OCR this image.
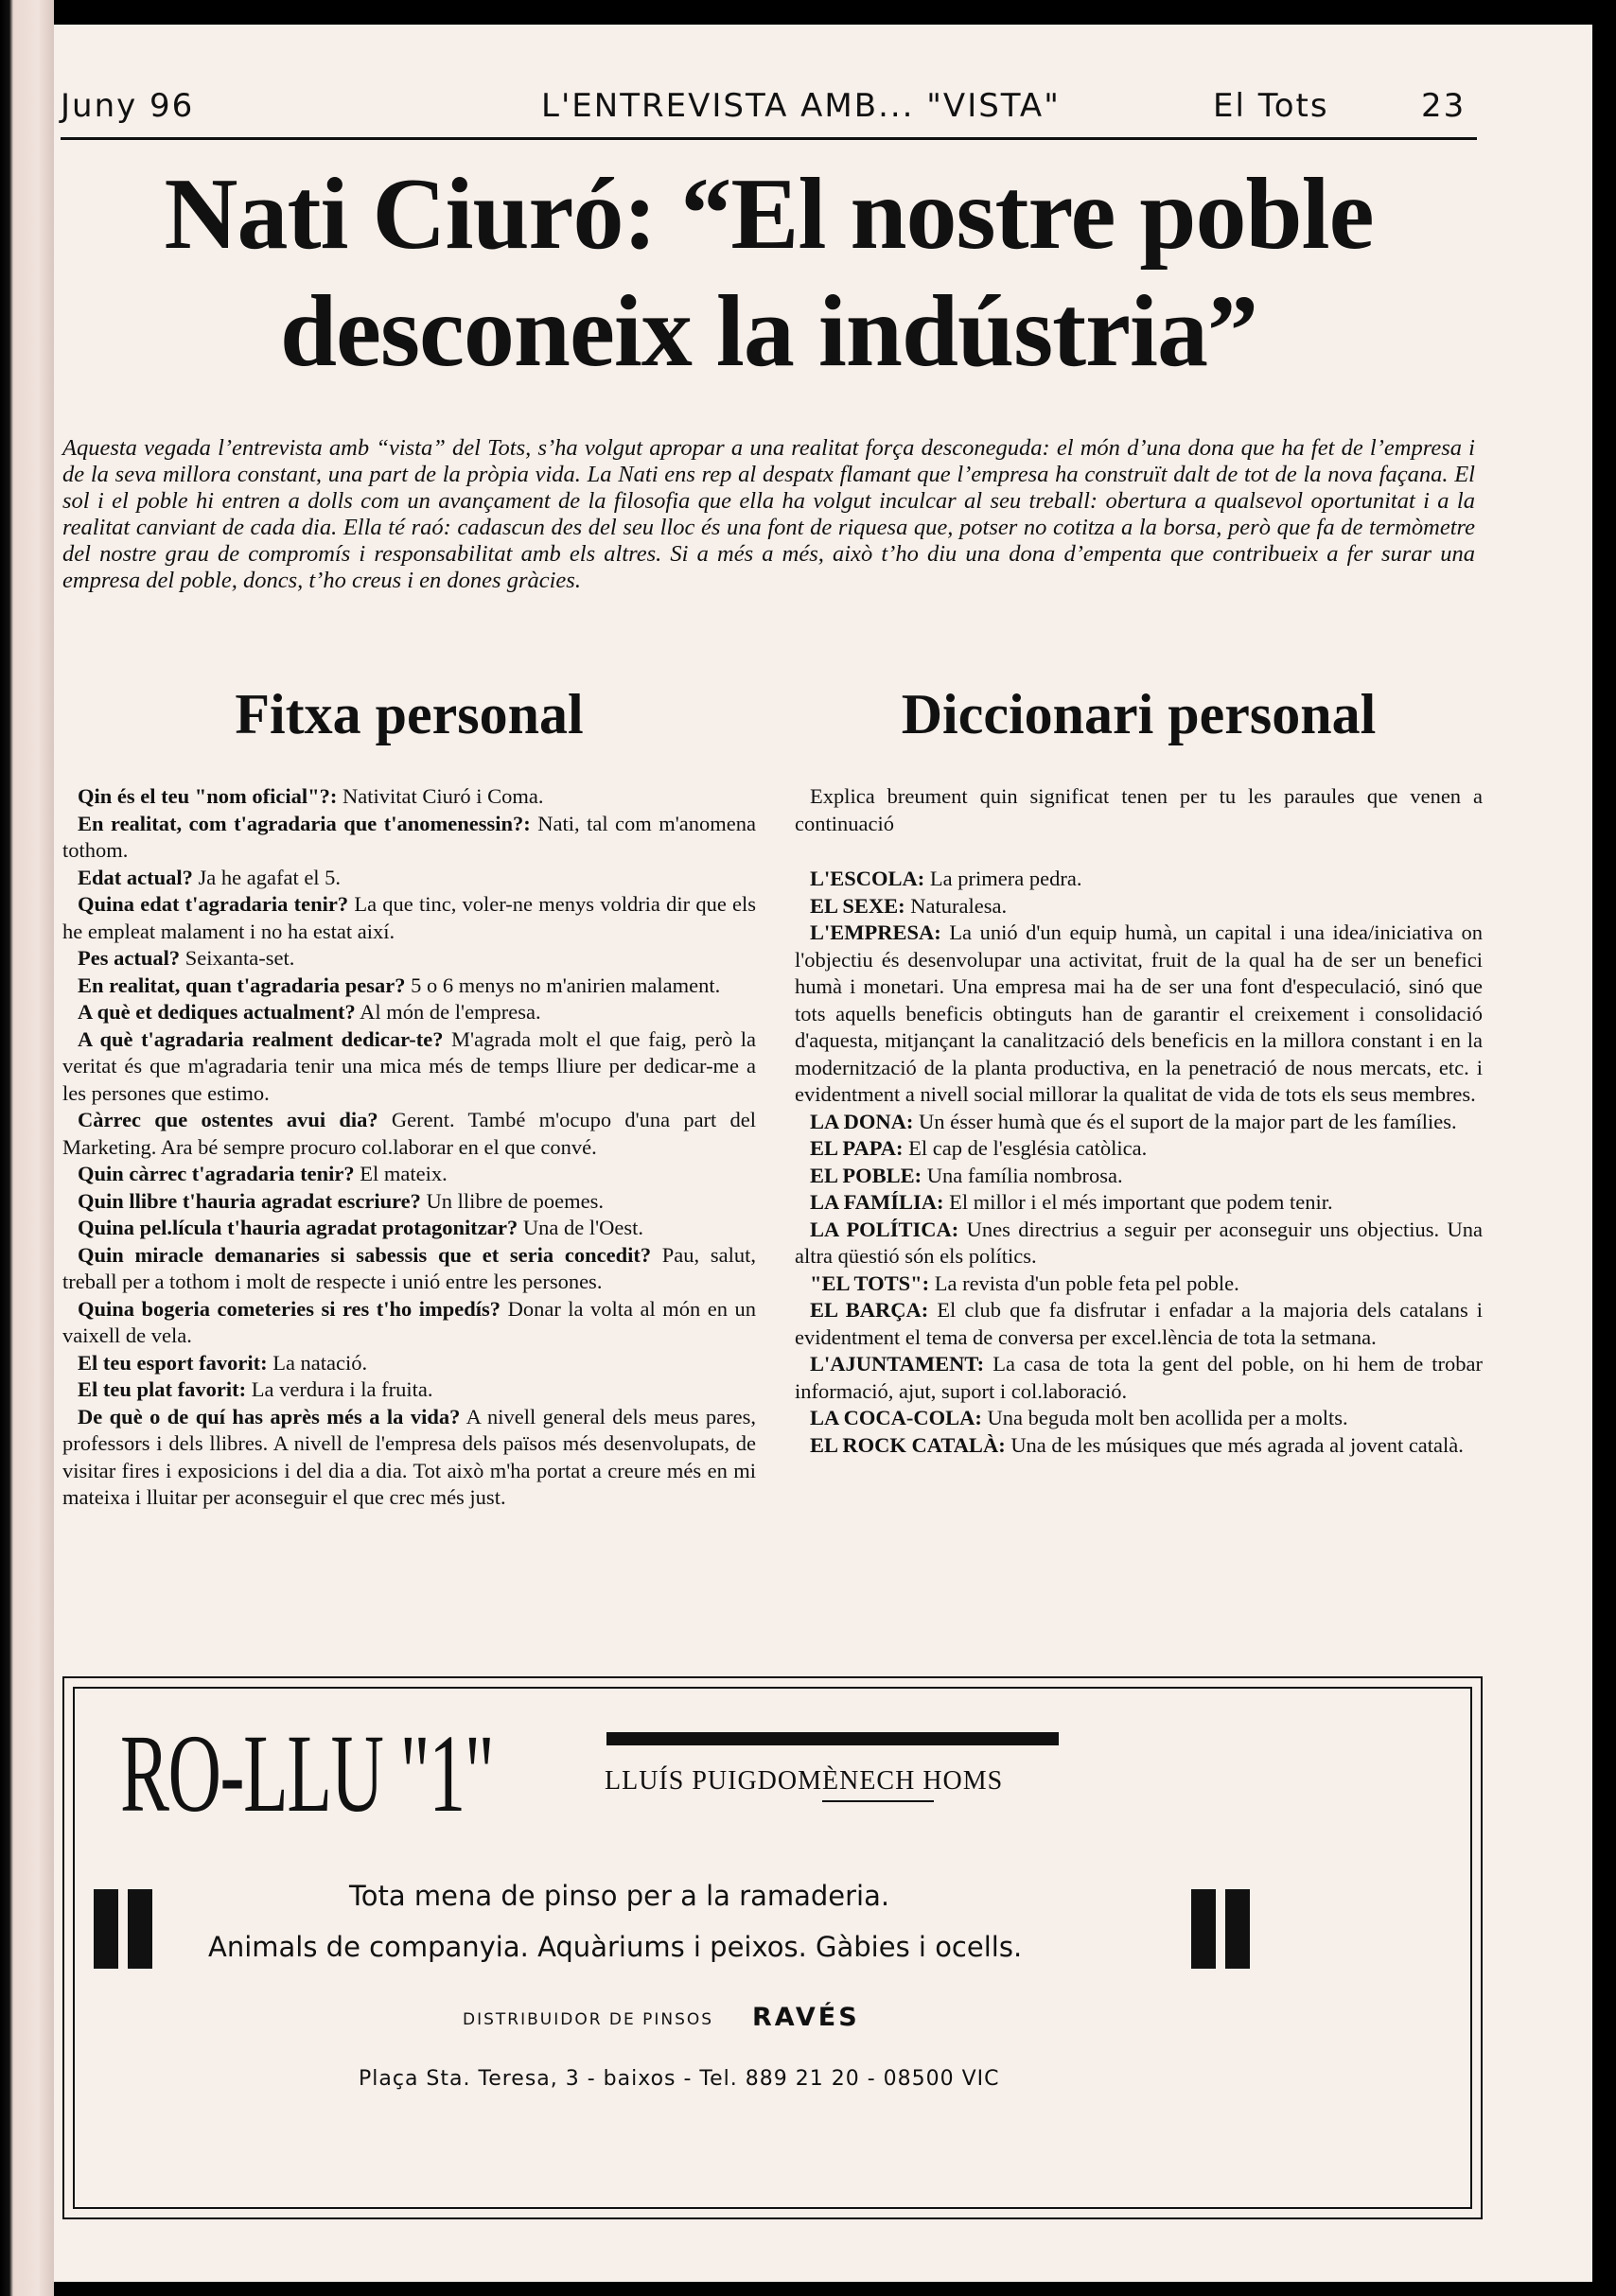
Juny 96	L'ENTREVISTA AMB... "VISTA"	El Tots	23
Nati Ciuró: “El nostre poble
desconeix la indústria”
Aquesta vegada l’entrevista amb “vista” del Tots, s’ha volgut apropar a una realitat força desconeguda: el món d’una dona que ha fet de l’empresa i de la seva millora constant, una part de la pròpia vida. La Nati ens rep al despatx flamant que l’empresa ha construït dalt de tot de la nova façana. El sol i el poble hi entren a dolls com un avançament de la filosofia que ella ha volgut inculcar al seu treball: obertura a qualsevol oportunitat i a la realitat canviant de cada dia. Ella té raó: cadascun des del seu lloc és una font de riquesa que, potser no cotitza a la borsa, però que fa de termòmetre del nostre grau de compromís i responsabilitat amb els altres. Si a més a més, això t’ho diu una dona d’empenta que contribueix a fer surar una empresa del poble, doncs, t’ho creus i en dones gràcies.
Fitxa personal

Qin és el teu "nom oficial"?: Nativitat Ciuró i Coma.

En realitat, com t'agradaria que t'anomenessin?: Nati, tal com m'anomena tothom.

Edat actual? Ja he agafat el 5.

Quina edat t'agradaria tenir? La que tinc, voler-ne menys voldria dir que els he empleat malament i no ha estat així.

Pes actual? Seixanta-set.

En realitat, quan t'agradaria pesar? 5 o 6 menys no m'anirien malament.

A què et dediques actualment? Al món de l'empresa.

A què t'agradaria realment dedicar-te? M'agrada molt el que faig, però la veritat és que m'agradaria tenir una mica més de temps lliure per dedicar-me a les persones que estimo.

Càrrec que ostentes avui dia? Gerent. També m'ocupo d'una part del Marketing. Ara bé sempre procuro col.laborar en el que convé.

Quin càrrec t'agradaria tenir? El mateix.

Quin llibre t'hauria agradat escriure? Un llibre de poemes.

Quina pel.lícula t'hauria agradat protagonitzar? Una de l'Oest.

Quin miracle demanaries si sabessis que et seria concedit? Pau, salut, treball per a tothom i molt de respecte i unió entre les persones.

Quina bogeria cometeries si res t'ho impedís? Donar la volta al món en un vaixell de vela.

El teu esport favorit: La natació.

El teu plat favorit: La verdura i la fruita.

De què o de quí has après més a la vida? A nivell general dels meus pares, professors i dels llibres. A nivell de l'empresa dels països més desenvolupats, de visitar fires i exposicions i del dia a dia. Tot això m'ha portat a creure més en mi mateixa i lluitar per aconseguir el que crec més just.

Diccionari personal

Explica breument quin significat tenen per tu les paraules que venen a continuació

L'ESCOLA: La primera pedra.

EL SEXE: Naturalesa.

L'EMPRESA: La unió d'un equip humà, un capital i una idea/iniciativa on l'objectiu és desenvolupar una activitat, fruit de la qual ha de ser un benefici humà i monetari. Una empresa mai ha de ser una font d'especulació, sinó que tots aquells beneficis obtinguts han de garantir el creixement i consolidació d'aquesta, mitjançant la canalització dels beneficis en la millora constant i en la modernització de la planta productiva, en la penetració de nous mercats, etc. i evidentment a nivell social millorar la qualitat de vida de tots els seus membres.

LA DONA: Un ésser humà que és el suport de la major part de les famílies.

EL PAPA: El cap de l'església catòlica.

EL POBLE: Una família nombrosa.

LA FAMÍLIA: El millor i el més important que podem tenir.

LA POLÍTICA: Unes directrius a seguir per aconseguir uns objectius. Una altra qüestió són els polítics.

"EL TOTS": La revista d'un poble feta pel poble.

EL BARÇA: El club que fa disfrutar i enfadar a la majoria dels catalans i evidentment el tema de conversa per excel.lència de tota la setmana.

L'AJUNTAMENT: La casa de tota la gent del poble, on hi hem de trobar informació, ajut, suport i col.laboració.

LA COCA-COLA: Una beguda molt ben acollida per a molts.

EL ROCK CATALÀ: Una de les músiques que més agrada al jovent català.

RO-LLU "1"	LLUÍS PUIGDOMÈNECH HOMS
Tota mena de pinso per a la ramaderia.
Animals de companyia. Aquàriums i peixos. Gàbies i ocells.
DISTRIBUIDOR DE PINSOS RAVÉS
Plaça Sta. Teresa, 3 - baixos - Tel. 889 21 20 - 08500 VIC
